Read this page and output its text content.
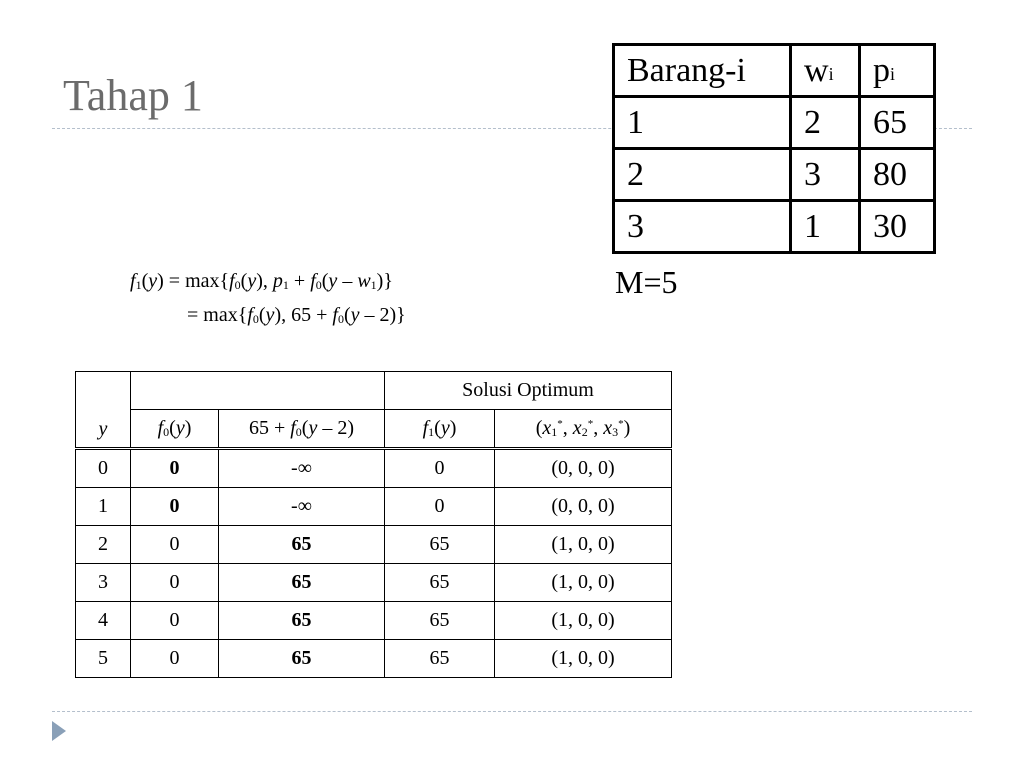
Tahap 1
Barang-i	$w_i$	$p_i$
1	2	65
2	3	80
3	1	30
M=5
$f_1(y) = \max\{f_0(y)$, $p_1 + f_0(y - w_1)$}
= $\max\{f_0(y)$, $65 + f_0(y - 2)$}
y			Solusi Optimum	
	$f_0(y)$	$65 + f_0(y - 2)$	$f_1(y)$	($x_1^*$, $x_2^*$, $x_3^*$)
0	0	-∞	0	(0, 0, 0)
1	0	-∞	0	(0, 0, 0)
2	0	65	65	(1, 0, 0)
3	0	65	65	(1, 0, 0)
4	0	65	65	(1, 0, 0)
5	0	65	65	(1, 0, 0)
